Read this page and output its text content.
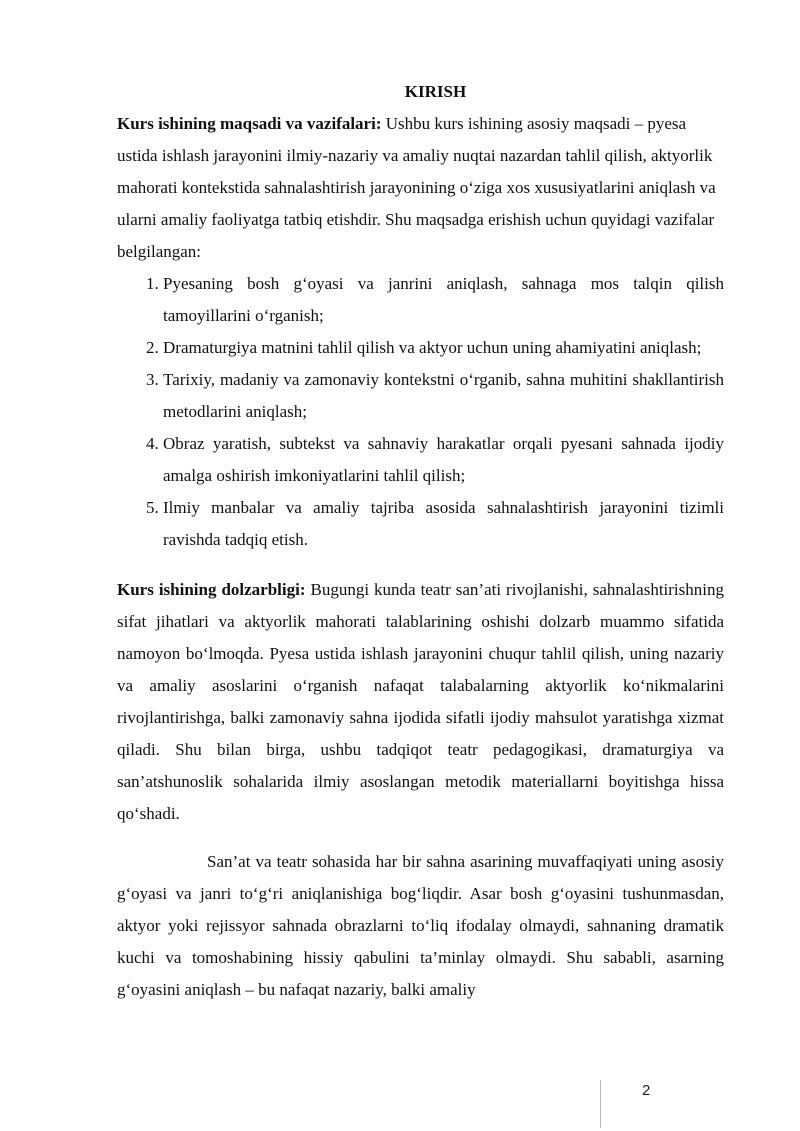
KIRISH

Kurs ishining maqsadi va vazifalari: Ushbu kurs ishining asosiy maqsadi – pyesa ustida ishlash jarayonini ilmiy-nazariy va amaliy nuqtai nazardan tahlil qilish, aktyorlik mahorati kontekstida sahnalashtirish jarayonining o‘ziga xos xususiyatlarini aniqlash va ularni amaliy faoliyatga tatbiq etishdir. Shu maqsadga erishish uchun quyidagi vazifalar belgilangan:

1. Pyesaning bosh g‘oyasi va janrini aniqlash, sahnaga mos talqin qilish tamoyillarini o‘rganish;
2. Dramaturgiya matnini tahlil qilish va aktyor uchun uning ahamiyatini aniqlash;
3. Tarixiy, madaniy va zamonaviy kontekstni o‘rganib, sahna muhitini shakllantirish metodlarini aniqlash;
4. Obraz yaratish, subtekst va sahnaviy harakatlar orqali pyesani sahnada ijodiy amalga oshirish imkoniyatlarini tahlil qilish;
5. Ilmiy manbalar va amaliy tajriba asosida sahnalashtirish jarayonini tizimli ravishda tadqiq etish.

Kurs ishining dolzarbligi: Bugungi kunda teatr san’ati rivojlanishi, sahnalashtirishning sifat jihatlari va aktyorlik mahorati talablarining oshishi dolzarb muammo sifatida namoyon bo‘lmoqda. Pyesa ustida ishlash jarayonini chuqur tahlil qilish, uning nazariy va amaliy asoslarini o‘rganish nafaqat talabalarning aktyorlik ko‘nikmalarini rivojlantirishga, balki zamonaviy sahna ijodida sifatli ijodiy mahsulot yaratishga xizmat qiladi. Shu bilan birga, ushbu tadqiqot teatr pedagogikasi, dramaturgiya va san’atshunoslik sohalarida ilmiy asoslangan metodik materiallarni boyitishga hissa qo‘shadi.

San’at va teatr sohasida har bir sahna asarining muvaffaqiyati uning asosiy g‘oyasi va janri to‘g‘ri aniqlanishiga bog‘liqdir. Asar bosh g‘oyasini tushunmasdan, aktyor yoki rejissyor sahnada obrazlarni to‘liq ifodalay olmaydi, sahnaning dramatik kuchi va tomoshabining hissiy qabulini ta’minlay olmaydi. Shu sababli, asarning g‘oyasini aniqlash – bu nafaqat nazariy, balki amaliy

2
